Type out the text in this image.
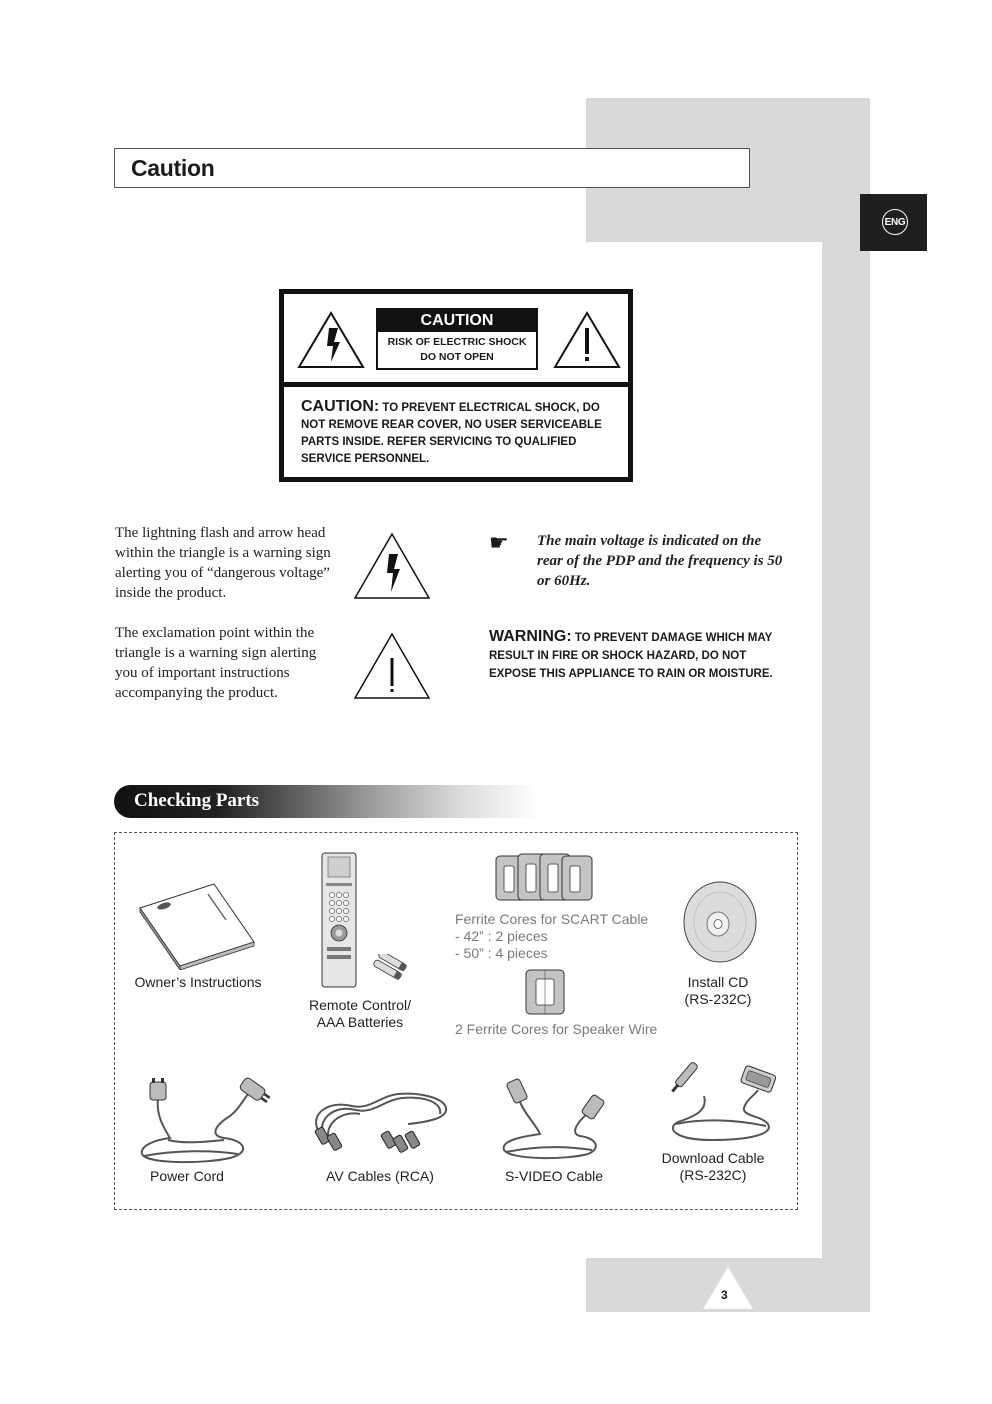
ENG
Caution
CAUTION
RISK OF ELECTRIC SHOCK
DO NOT OPEN
CAUTION: TO PREVENT ELECTRICAL SHOCK, DO NOT REMOVE REAR COVER, NO USER SERVICEABLE PARTS INSIDE. REFER SERVICING TO QUALIFIED SERVICE PERSONNEL.
The lightning flash and arrow head within the triangle is a warning sign alerting you of “dangerous voltage” inside the product.
The exclamation point within the triangle is a warning sign alerting you of important instructions accompanying the product.
☛ The main voltage is indicated on the rear of the PDP and the frequency is 50 or 60Hz.
WARNING: TO PREVENT DAMAGE WHICH MAY RESULT IN FIRE OR SHOCK HAZARD, DO NOT EXPOSE THIS APPLIANCE TO RAIN OR MOISTURE.
Checking Parts
Owner’s Instructions
Remote Control/
AAA Batteries
Ferrite Cores for SCART Cable
- 42” : 2 pieces
- 50” : 4 pieces
2 Ferrite Cores for Speaker Wire
Install CD
(RS-232C)
Power Cord	AV Cables (RCA)	S-VIDEO Cable
Download Cable
(RS-232C)
3
